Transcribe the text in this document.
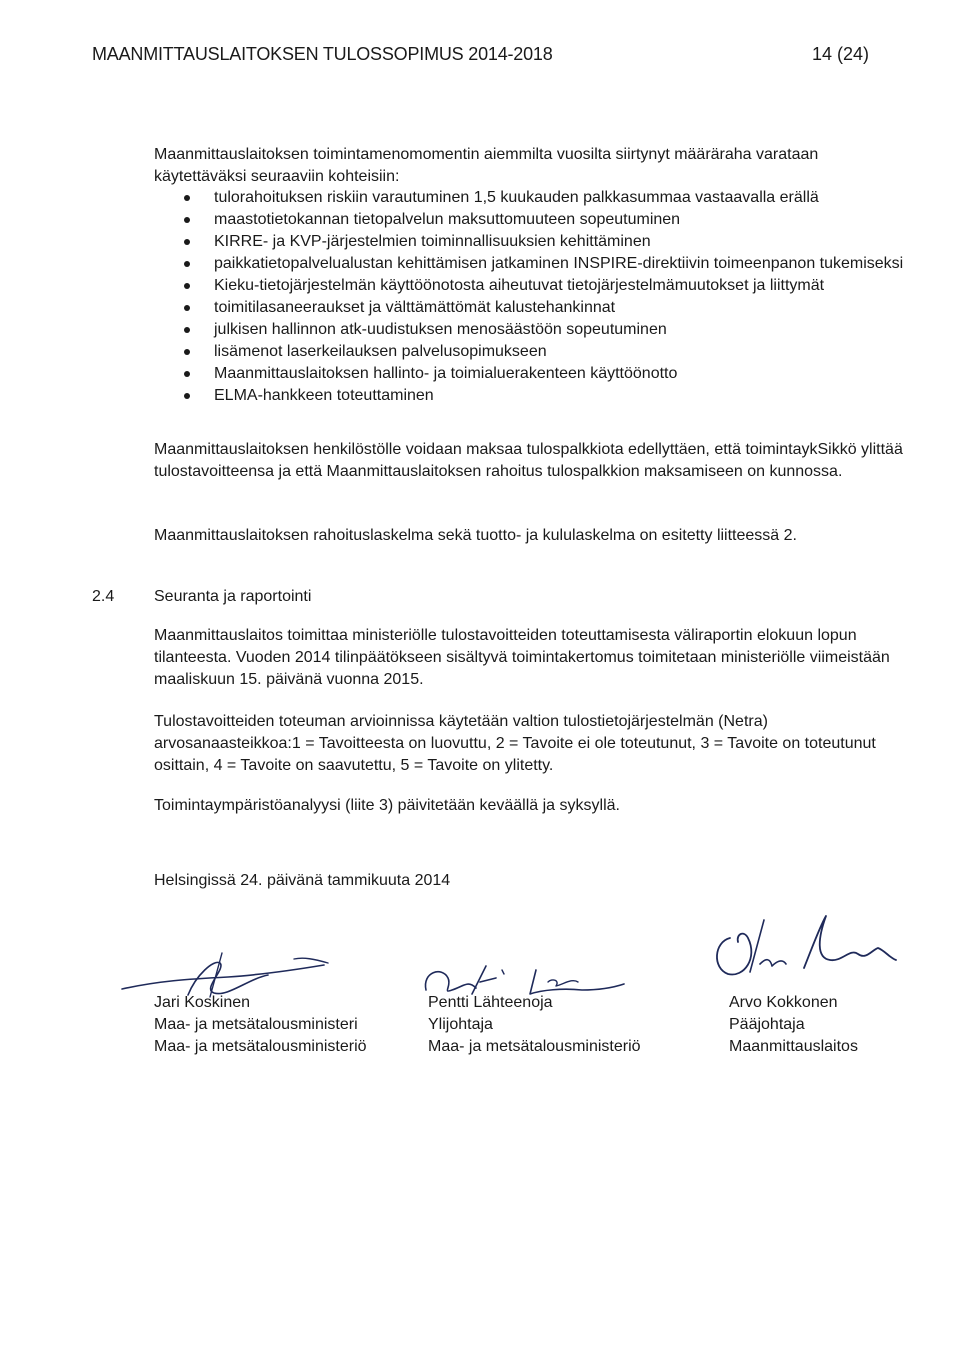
MAANMITTAUSLAITOKSEN TULOSSOPIMUS 2014-2018	14 (24)

Maanmittauslaitoksen toimintamenomomentin aiemmilta vuosilta siirtynyt määräraha varataan käytettäväksi seuraaviin kohteisiin:

tulorahoituksen riskiin varautuminen 1,5 kuukauden palkkasummaa vastaavalla erällä
maastotietokannan tietopalvelun maksuttomuuteen sopeutuminen
KIRRE- ja KVP-järjestelmien toiminnallisuuksien kehittäminen
paikkatietopalvelualustan kehittämisen jatkaminen INSPIRE-direktiivin toimeenpanon tukemiseksi
Kieku-tietojärjestelmän käyttöönotosta aiheutuvat tietojärjestelmämuutokset ja liittymät
toimitilasaneeraukset ja välttämättömät kalustehankinnat
julkisen hallinnon atk-uudistuksen menosäästöön sopeutuminen
lisämenot laserkeilauksen palvelusopimukseen
Maanmittauslaitoksen hallinto- ja toimialuerakenteen käyttöönotto
ELMA-hankkeen toteuttaminen

Maanmittauslaitoksen henkilöstölle voidaan maksaa tulospalkkiota edellyttäen, että toimintaykSikkö ylittää tulostavoitteensa ja että Maanmittauslaitoksen rahoitus tulospalkkion maksamiseen on kunnossa.

Maanmittauslaitoksen rahoituslaskelma sekä tuotto- ja kululaskelma on esitetty liitteessä 2.

2.4 Seuranta ja raportointi

Maanmittauslaitos toimittaa ministeriölle tulostavoitteiden toteuttamisesta väliraportin elokuun lopun tilanteesta. Vuoden 2014 tilinpäätökseen sisältyvä toimintakertomus toimitetaan ministeriölle viimeistään maaliskuun 15. päivänä vuonna 2015.

Tulostavoitteiden toteuman arvioinnissa käytetään valtion tulostietojärjestelmän (Netra) arvosanaasteikkoa:1 = Tavoitteesta on luovuttu, 2 = Tavoite ei ole toteutunut, 3 = Tavoite on toteutunut osittain, 4 = Tavoite on saavutettu, 5 = Tavoite on ylitetty.

Toimintaympäristöanalyysi (liite 3) päivitetään keväällä ja syksyllä.

Helsingissä 24. päivänä tammikuuta 2014
Jari Koskinen
Maa- ja metsätalousministeri
Maa- ja metsätalousministeriö
Pentti Lähteenoja
Ylijohtaja
Maa- ja metsätalousministeriö
Arvo Kokkonen
Pääjohtaja
Maanmittauslaitos
